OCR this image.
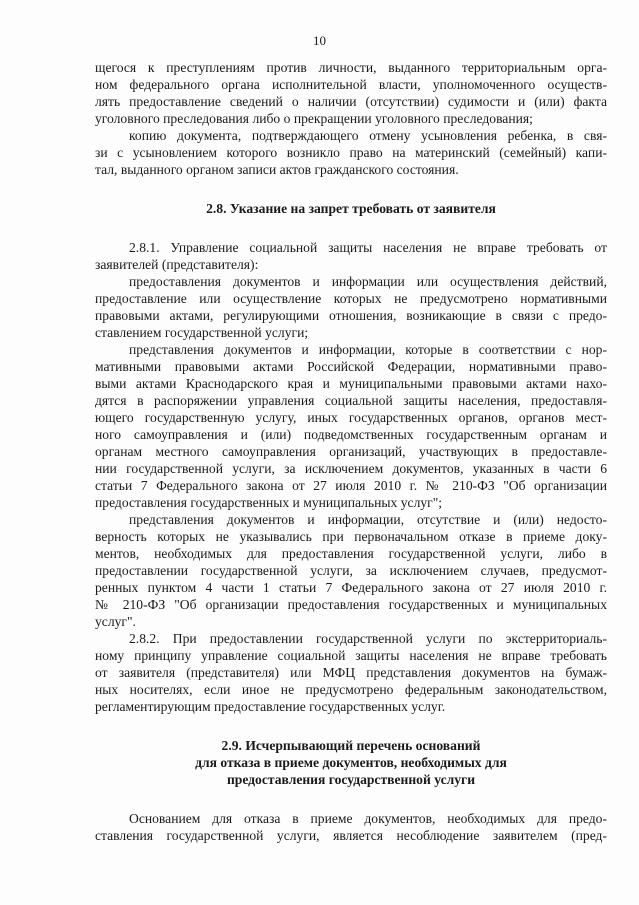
10
щегося к преступлениям против личности, выданного территориальным орга-
ном федерального органа исполнительной власти, уполномоченного осуществ-
лять предоставление сведений о наличии (отсутствии) судимости и (или) факта
уголовного преследования либо о прекращении уголовного преследования;
копию документа, подтверждающего отмену усыновления ребенка, в свя-
зи с усыновлением которого возникло право на материнский (семейный) капи-
тал, выданного органом записи актов гражданского состояния.
2.8. Указание на запрет требовать от заявителя
2.8.1. Управление социальной защиты населения не вправе требовать от
заявителей (представителя):
предоставления документов и информации или осуществления действий,
предоставление или осуществление которых не предусмотрено нормативными
правовыми актами, регулирующими отношения, возникающие в связи с предо-
ставлением государственной услуги;
представления документов и информации, которые в соответствии с нор-
мативными правовыми актами Российской Федерации, нормативными право-
выми актами Краснодарского края и муниципальными правовыми актами нахо-
дятся в распоряжении управления социальной защиты населения, предоставля-
ющего государственную услугу, иных государственных органов, органов мест-
ного самоуправления и (или) подведомственных государственным органам и
органам местного самоуправления организаций, участвующих в предоставле-
нии государственной услуги, за исключением документов, указанных в части 6
статьи 7 Федерального закона от 27 июля 2010 г. № 210-ФЗ "Об организации
предоставления государственных и муниципальных услуг";
представления документов и информации, отсутствие и (или) недосто-
верность которых не указывались при первоначальном отказе в приеме доку-
ментов, необходимых для предоставления государственной услуги, либо в
предоставлении государственной услуги, за исключением случаев, предусмот-
ренных пунктом 4 части 1 статьи 7 Федерального закона от 27 июля 2010 г.
№ 210-ФЗ "Об организации предоставления государственных и муниципальных
услуг".
2.8.2. При предоставлении государственной услуги по экстерриториаль-
ному принципу управление социальной защиты населения не вправе требовать
от заявителя (представителя) или МФЦ представления документов на бумаж-
ных носителях, если иное не предусмотрено федеральным законодательством,
регламентирующим предоставление государственных услуг.
2.9. Исчерпывающий перечень оснований
для отказа в приеме документов, необходимых для
предоставления государственной услуги
Основанием для отказа в приеме документов, необходимых для предо-
ставления государственной услуги, является несоблюдение заявителем (пред-
